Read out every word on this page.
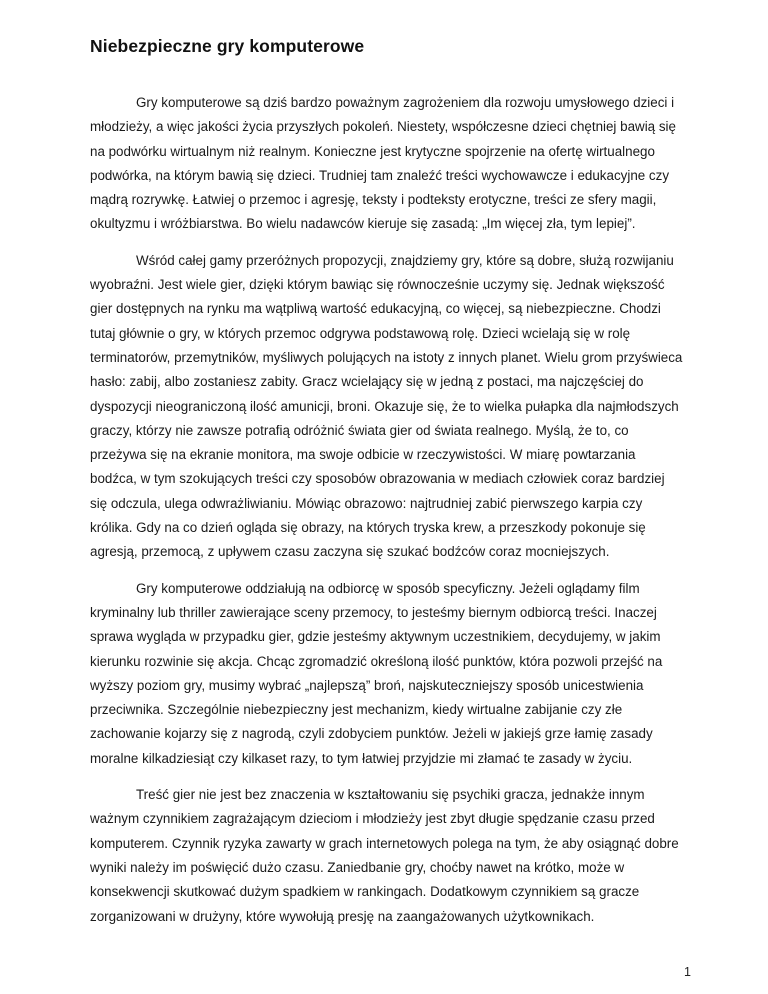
Niebezpieczne gry komputerowe

Gry komputerowe są dziś bardzo poważnym zagrożeniem dla rozwoju umysłowego dzieci i młodzieży, a więc jakości życia przyszłych pokoleń. Niestety, współczesne dzieci chętniej bawią się na podwórku wirtualnym niż realnym. Konieczne jest krytyczne spojrzenie na ofertę wirtualnego podwórka, na którym bawią się dzieci. Trudniej tam znaleźć treści wychowawcze i edukacyjne czy mądrą rozrywkę. Łatwiej o przemoc i agresję, teksty i podteksty erotyczne, treści ze sfery magii, okultyzmu i wróżbiarstwa. Bo wielu nadawców kieruje się zasadą: „Im więcej zła, tym lepiej”.

Wśród całej gamy przeróżnych propozycji, znajdziemy gry, które są dobre, służą rozwijaniu wyobraźni. Jest wiele gier, dzięki którym bawiąc się równocześnie uczymy się. Jednak większość gier dostępnych na rynku ma wątpliwą wartość edukacyjną, co więcej, są niebezpieczne. Chodzi tutaj głównie o gry, w których przemoc odgrywa podstawową rolę. Dzieci wcielają się w rolę terminatorów, przemytników, myśliwych polujących na istoty z innych planet. Wielu grom przyświeca hasło: zabij, albo zostaniesz zabity. Gracz wcielający się w jedną z postaci, ma najczęściej do dyspozycji nieograniczoną ilość amunicji, broni. Okazuje się, że to wielka pułapka dla najmłodszych graczy, którzy nie zawsze potrafią odróżnić świata gier od świata realnego. Myślą, że to, co przeżywa się na ekranie monitora, ma swoje odbicie w rzeczywistości. W miarę powtarzania bodźca, w tym szokujących treści czy sposobów obrazowania w mediach człowiek coraz bardziej się odczula, ulega odwrażliwianiu. Mówiąc obrazowo: najtrudniej zabić pierwszego karpia czy królika. Gdy na co dzień ogląda się obrazy, na których tryska krew, a przeszkody pokonuje się agresją, przemocą, z upływem czasu zaczyna się szukać bodźców coraz mocniejszych.

Gry komputerowe oddziałują na odbiorcę w sposób specyficzny. Jeżeli oglądamy film kryminalny lub thriller zawierające sceny przemocy, to jesteśmy biernym odbiorcą treści. Inaczej sprawa wygląda w przypadku gier, gdzie jesteśmy aktywnym uczestnikiem, decydujemy, w jakim kierunku rozwinie się akcja. Chcąc zgromadzić określoną ilość punktów, która pozwoli przejść na wyższy poziom gry, musimy wybrać „najlepszą” broń, najskuteczniejszy sposób unicestwienia przeciwnika. Szczególnie niebezpieczny jest mechanizm, kiedy wirtualne zabijanie czy złe zachowanie kojarzy się z nagrodą, czyli zdobyciem punktów. Jeżeli w jakiejś grze łamię zasady moralne kilkadziesiąt czy kilkaset razy, to tym łatwiej przyjdzie mi złamać te zasady w życiu.

Treść gier nie jest bez znaczenia w kształtowaniu się psychiki gracza, jednakże innym ważnym czynnikiem zagrażającym dzieciom i młodzieży jest zbyt długie spędzanie czasu przed komputerem. Czynnik ryzyka zawarty w grach internetowych polega na tym, że aby osiągnąć dobre wyniki należy im poświęcić dużo czasu. Zaniedbanie gry, choćby nawet na krótko, może w konsekwencji skutkować dużym spadkiem w rankingach. Dodatkowym czynnikiem są gracze zorganizowani w drużyny, które wywołują presję na zaangażowanych użytkownikach.

1
